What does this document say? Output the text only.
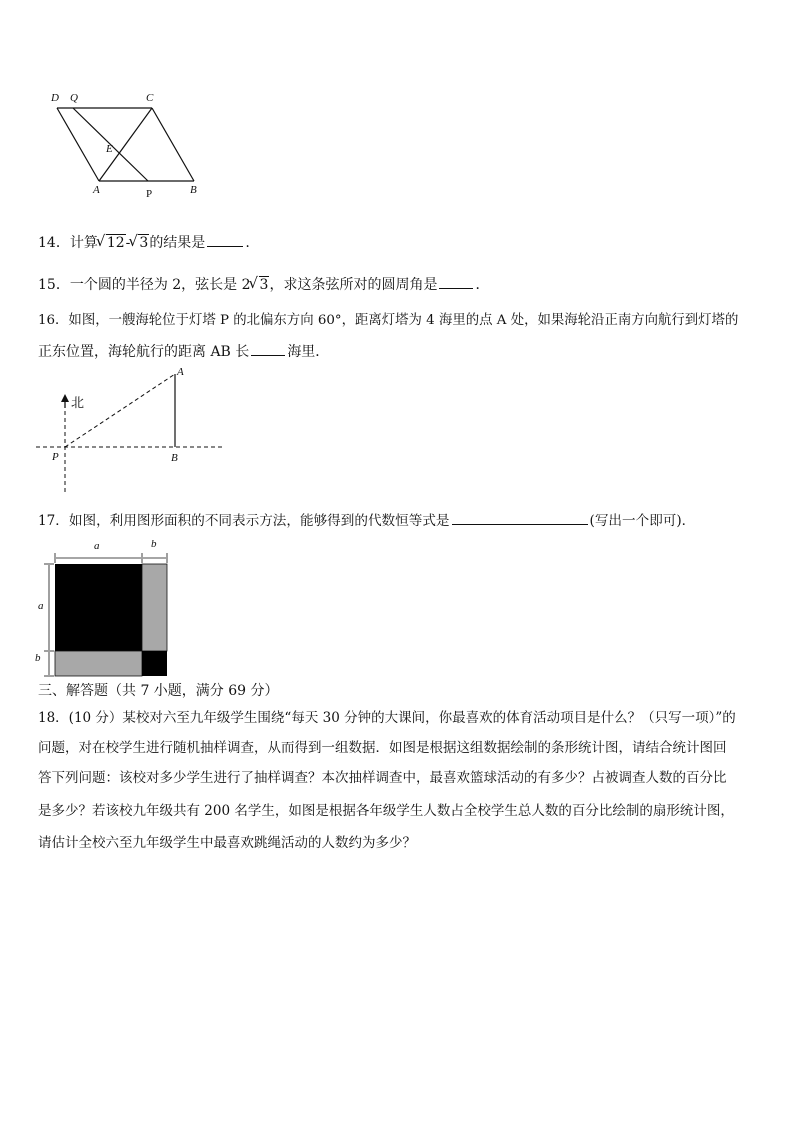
D Q	C
E
A	P	B
14．计算 √ 12- √ 3的结果是	.
15．一个圆的半径为 2，弦长是 2 √ 3，求这条弦所对的圆周角是	．
16．如图，一艘海轮位于灯塔 P 的北偏东方向 60°，距离灯塔为 4 海里的点 A 处，如果海轮沿正南方向航行到灯塔的
正东位置，海轮航行的距离 AB 长	海里．
北
A
P	B
17．如图，利用图形面积的不同表示方法，能够得到的代数恒等式是	(写出一个即可)．
a	b
a
b
三、解答题（共 7 小题，满分 69 分）
18．(10 分）某校对六至九年级学生围绕“每天 30 分钟的大课间，你最喜欢的体育活动项目是什么？（只写一项）”的
问题，对在校学生进行随机抽样调查，从而得到一组数据．如图是根据这组数据绘制的条形统计图，请结合统计图回
答下列问题：该校对多少学生进行了抽样调查？本次抽样调查中，最喜欢篮球活动的有多少？占被调查人数的百分比
是多少？若该校九年级共有 200 名学生，如图是根据各年级学生人数占全校学生总人数的百分比绘制的扇形统计图，
请估计全校六至九年级学生中最喜欢跳绳活动的人数约为多少？
